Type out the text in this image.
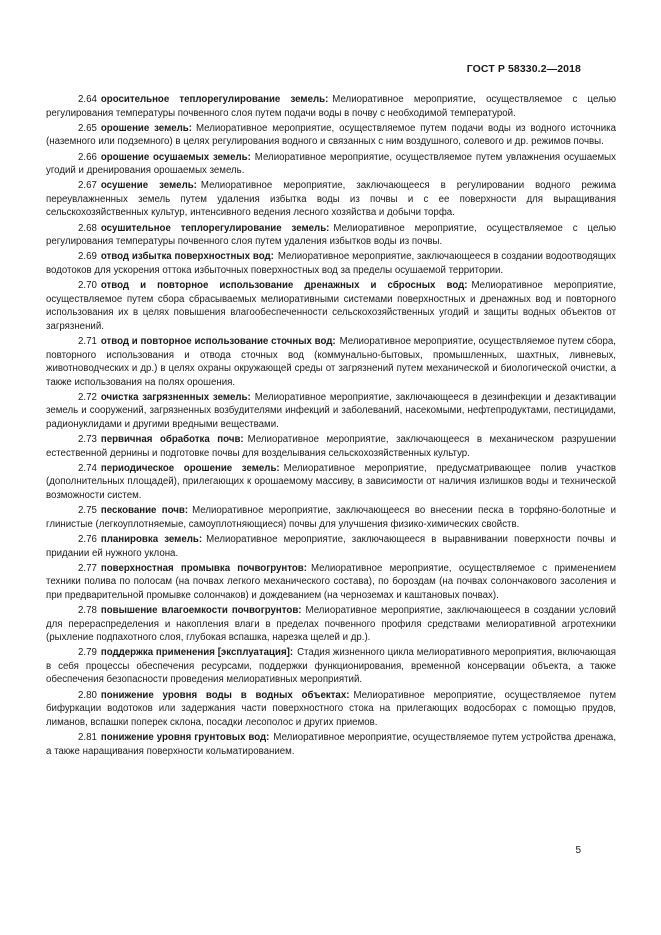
ГОСТ Р 58330.2—2018

2.64 оросительное теплорегулирование земель: Мелиоративное мероприятие, осуществляемое с целью регулирования температуры почвенного слоя путем подачи воды в почву с необходимой температурой.

2.65 орошение земель: Мелиоративное мероприятие, осуществляемое путем подачи воды из водного источника (наземного или подземного) в целях регулирования водного и связанных с ним воздушного, солевого и др. режимов почвы.

2.66 орошение осушаемых земель: Мелиоративное мероприятие, осуществляемое путем увлажнения осушаемых угодий и дренирования орошаемых земель.

2.67 осушение земель: Мелиоративное мероприятие, заключающееся в регулировании водного режима переувлажненных земель путем удаления избытка воды из почвы и с ее поверхности для выращивания сельскохозяйственных культур, интенсивного ведения лесного хозяйства и добычи торфа.

2.68 осушительное теплорегулирование земель: Мелиоративное мероприятие, осуществляемое с целью регулирования температуры почвенного слоя путем удаления избытков воды из почвы.

2.69 отвод избытка поверхностных вод: Мелиоративное мероприятие, заключающееся в создании водоотводящих водотоков для ускорения оттока избыточных поверхностных вод за пределы осушаемой территории.

2.70 отвод и повторное использование дренажных и сбросных вод: Мелиоративное мероприятие, осуществляемое путем сбора сбрасываемых мелиоративными системами поверхностных и дренажных вод и повторного использования их в целях повышения влагообеспеченности сельскохозяйственных угодий и защиты водных объектов от загрязнений.

2.71 отвод и повторное использование сточных вод: Мелиоративное мероприятие, осуществляемое путем сбора, повторного использования и отвода сточных вод (коммунально-бытовых, промышленных, шахтных, ливневых, животноводческих и др.) в целях охраны окружающей среды от загрязнений путем механической и биологической очистки, а также использования на полях орошения.

2.72 очистка загрязненных земель: Мелиоративное мероприятие, заключающееся в дезинфекции и дезактивации земель и сооружений, загрязненных возбудителями инфекций и заболеваний, насекомыми, нефтепродуктами, пестицидами, радионуклидами и другими вредными веществами.

2.73 первичная обработка почв: Мелиоративное мероприятие, заключающееся в механическом разрушении естественной дернины и подготовке почвы для возделывания сельскохозяйственных культур.

2.74 периодическое орошение земель: Мелиоративное мероприятие, предусматривающее полив участков (дополнительных площадей), прилегающих к орошаемому массиву, в зависимости от наличия излишков воды и технической возможности систем.

2.75 пескование почв: Мелиоративное мероприятие, заключающееся во внесении песка в торфяно-болотные и глинистые (легкоуплотняемые, самоуплотняющиеся) почвы для улучшения физико-химических свойств.

2.76 планировка земель: Мелиоративное мероприятие, заключающееся в выравнивании поверхности почвы и придании ей нужного уклона.

2.77 поверхностная промывка почвогрунтов: Мелиоративное мероприятие, осуществляемое с применением техники полива по полосам (на почвах легкого механического состава), по бороздам (на почвах солончакового засоления и при предварительной промывке солончаков) и дождеванием (на черноземах и каштановых почвах).

2.78 повышение влагоемкости почвогрунтов: Мелиоративное мероприятие, заключающееся в создании условий для перераспределения и накопления влаги в пределах почвенного профиля средствами мелиоративной агротехники (рыхление подпахотного слоя, глубокая вспашка, нарезка щелей и др.).

2.79 поддержка применения [эксплуатация]: Стадия жизненного цикла мелиоративного мероприятия, включающая в себя процессы обеспечения ресурсами, поддержки функционирования, временной консервации объекта, а также обеспечения безопасности проведения мелиоративных мероприятий.

2.80 понижение уровня воды в водных объектах: Мелиоративное мероприятие, осуществляемое путем бифуркации водотоков или задержания части поверхностного стока на прилегающих водосборах с помощью прудов, лиманов, вспашки поперек склона, посадки лесополос и других приемов.

2.81 понижение уровня грунтовых вод: Мелиоративное мероприятие, осуществляемое путем устройства дренажа, а также наращивания поверхности кольматированием.

5
